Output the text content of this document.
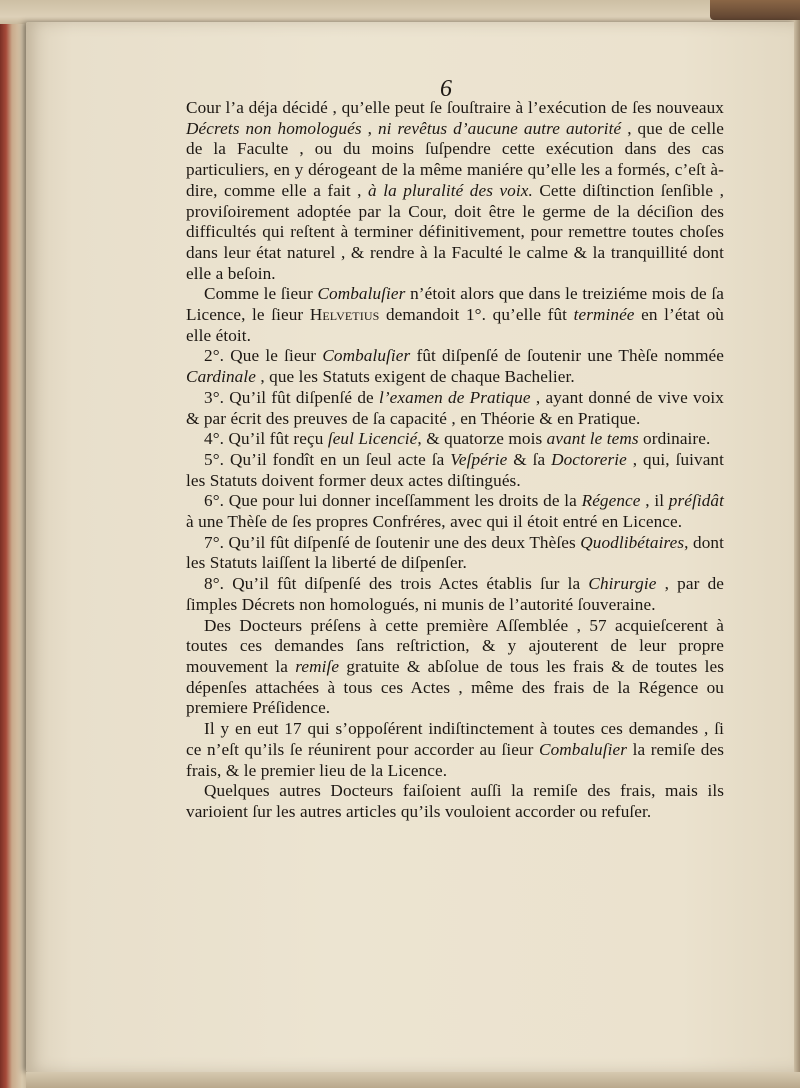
6

Cour l’a déja décidé , qu’elle peut ſe ſouſtraire à l’exécution de ſes nouveaux Décrets non homologués , ni revêtus d’aucune autre autorité , que de celle de la Faculte , ou du moins ſuſpendre cette exécution dans des cas particuliers, en y dérogeant de la même maniére qu’elle les a formés, c’eſt à-dire, comme elle a fait , à la pluralité des voix. Cette diſtinction ſenſible , proviſoirement adoptée par la Cour, doit être le germe de la déciſion des difficultés qui reſtent à terminer définitivement, pour remettre toutes choſes dans leur état naturel , & rendre à la Faculté le calme & la tranquillité dont elle a beſoin.

Comme le ſieur Combaluſier n’étoit alors que dans le treiziéme mois de ſa Licence, le ſieur Helvetius demandoit 1°. qu’elle fût terminée en l’état où elle étoit.

2°. Que le ſieur Combaluſier fût diſpenſé de ſoutenir une Thèſe nommée Cardinale , que les Statuts exigent de chaque Bachelier.

3°. Qu’il fût diſpenſé de l’examen de Pratique , ayant donné de vive voix & par écrit des preuves de ſa capacité , en Théorie & en Pratique.

4°. Qu’il fût reçu ſeul Licencié, & quatorze mois avant le tems ordinaire.

5°. Qu’il fondît en un ſeul acte ſa Veſpérie & ſa Doctorerie , qui, ſuivant les Statuts doivent former deux actes diſtingués.

6°. Que pour lui donner inceſſamment les droits de la Régence , il préſidât à une Thèſe de ſes propres Confréres, avec qui il étoit entré en Licence.

7°. Qu’il fût diſpenſé de ſoutenir une des deux Thèſes Quodlibétaires, dont les Statuts laiſſent la liberté de diſpenſer.

8°. Qu’il fût diſpenſé des trois Actes établis ſur la Chirurgie , par de ſimples Décrets non homologués, ni munis de l’autorité ſouveraine.

Des Docteurs préſens à cette première Aſſemblée , 57 acquieſcerent à toutes ces demandes ſans reſtriction, & y ajouterent de leur propre mouvement la remiſe gratuite & abſolue de tous les frais & de toutes les dépenſes attachées à tous ces Actes , même des frais de la Régence ou premiere Préſidence.

Il y en eut 17 qui s’oppoſérent indiſtinctement à toutes ces demandes , ſi ce n’eſt qu’ils ſe réunirent pour accorder au ſieur Combaluſier la remiſe des frais, & le premier lieu de la Licence.

Quelques autres Docteurs faiſoient auſſi la remiſe des frais, mais ils varioient ſur les autres articles qu’ils vouloient accorder ou refuſer.
